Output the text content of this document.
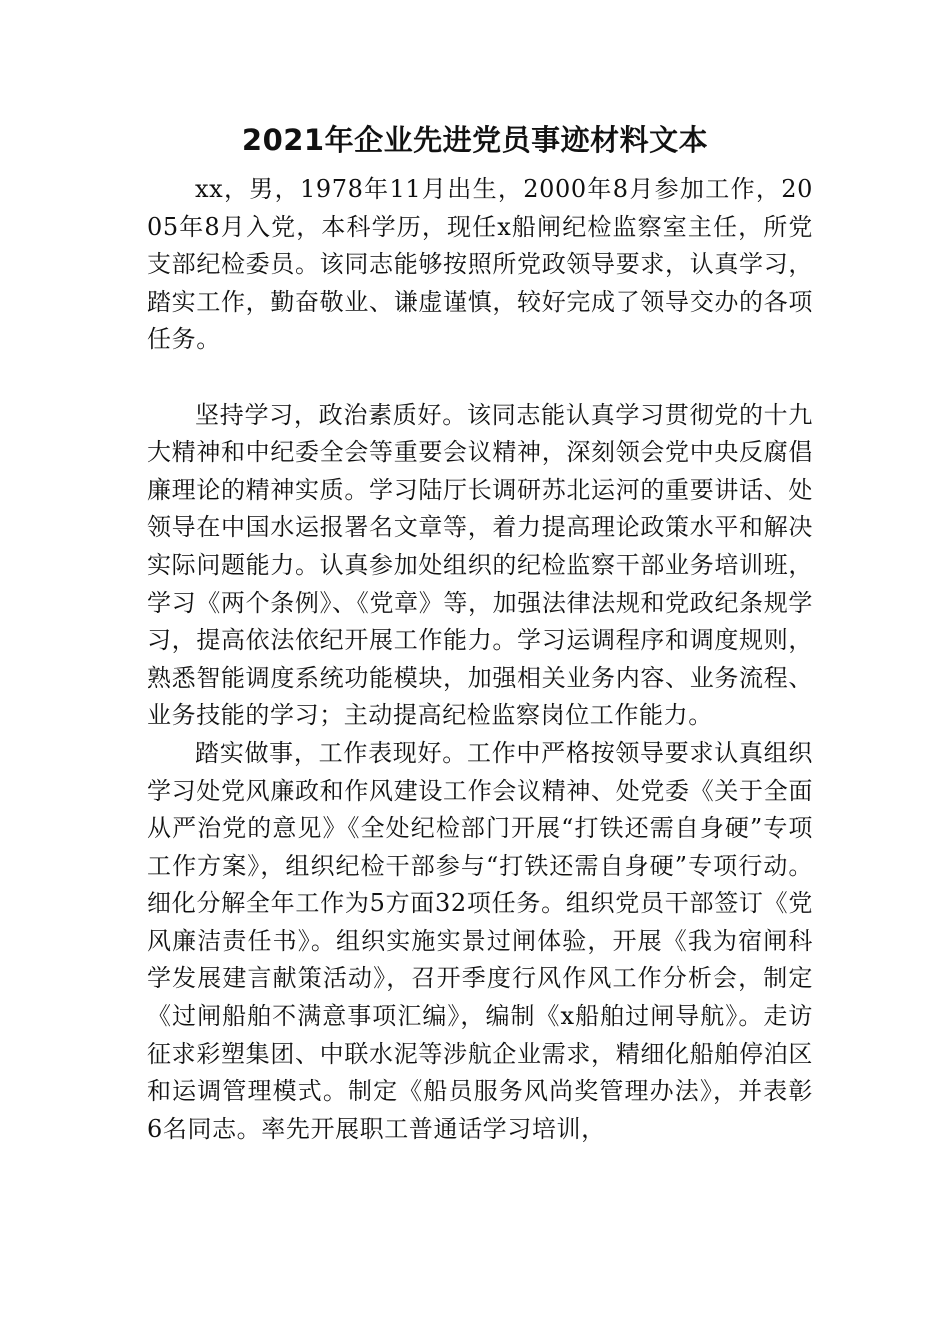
2021年企业先进党员事迹材料文本

xx，男，1978年11月出生，2000年8月参加工作，2005年8月入党，本科学历，现任x船闸纪检监察室主任，所党支部纪检委员。该同志能够按照所党政领导要求，认真学习，踏实工作，勤奋敬业、谦虚谨慎，较好完成了领导交办的各项任务。

坚持学习，政治素质好。该同志能认真学习贯彻党的十九大精神和中纪委全会等重要会议精神，深刻领会党中央反腐倡廉理论的精神实质。学习陆厅长调研苏北运河的重要讲话、处领导在中国水运报署名文章等，着力提高理论政策水平和解决实际问题能力。认真参加处组织的纪检监察干部业务培训班，学习《两个条例》、《党章》等，加强法律法规和党政纪条规学习，提高依法依纪开展工作能力。学习运调程序和调度规则，熟悉智能调度系统功能模块，加强相关业务内容、业务流程、业务技能的学习；主动提高纪检监察岗位工作能力。

踏实做事，工作表现好。工作中严格按领导要求认真组织学习处党风廉政和作风建设工作会议精神、处党委《关于全面从严治党的意见》《全处纪检部门开展“打铁还需自身硬”专项工作方案》，组织纪检干部参与“打铁还需自身硬”专项行动。细化分解全年工作为5方面32项任务。组织党员干部签订《党风廉洁责任书》。组织实施实景过闸体验，开展《我为宿闸科学发展建言献策活动》，召开季度行风作风工作分析会，制定《过闸船舶不满意事项汇编》，编制《x船舶过闸导航》。走访征求彩塑集团、中联水泥等涉航企业需求，精细化船舶停泊区和运调管理模式。制定《船员服务风尚奖管理办法》，并表彰6名同志。率先开展职工普通话学习培训，
